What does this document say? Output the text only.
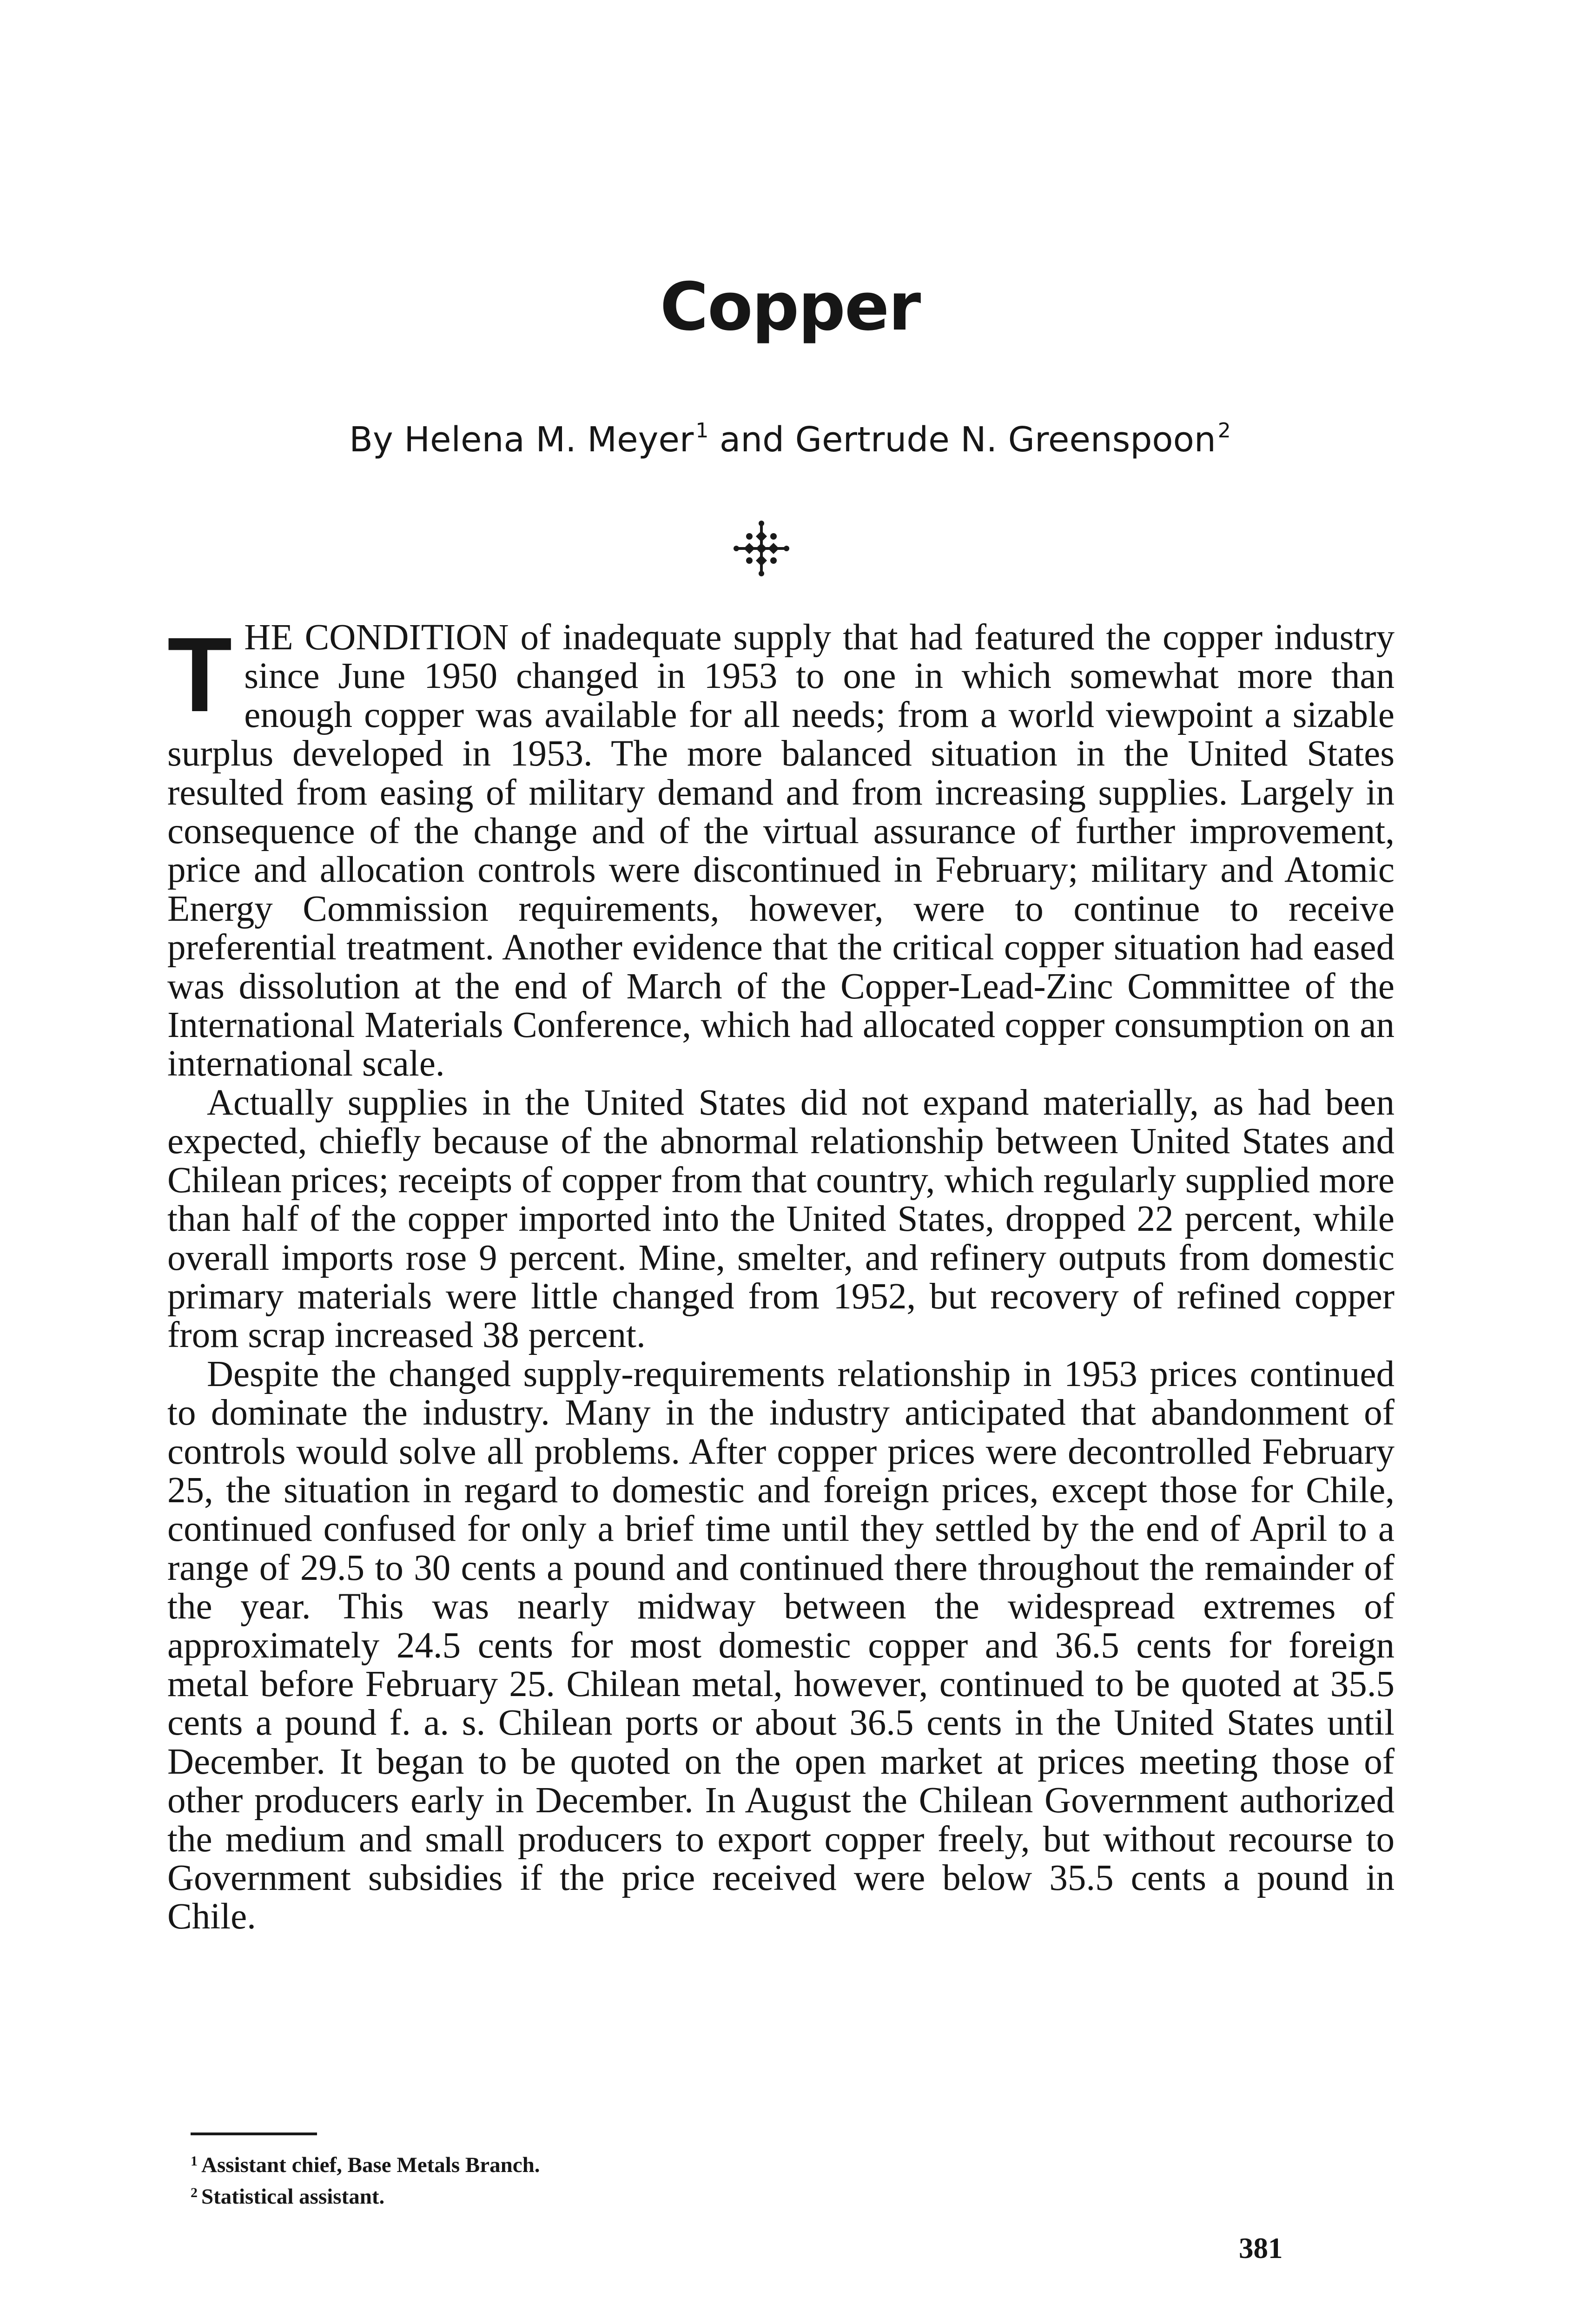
Copper
By Helena M. Meyer$^1$ and Gertrude N. Greenspoon$^2$

THE CONDITION of inadequate supply that had featured the copper industry since June 1950 changed in 1953 to one in which somewhat more than enough copper was available for all needs; from a world viewpoint a sizable surplus developed in 1953. The more balanced situation in the United States resulted from easing of military demand and from increasing supplies. Largely in consequence of the change and of the virtual assurance of further improvement, price and allocation controls were discontinued in February; military and Atomic Energy Commission requirements, however, were to continue to receive preferential treatment. Another evidence that the critical copper situation had eased was dissolution at the end of March of the Copper-Lead-Zinc Committee of the International Materials Conference, which had allocated copper consumption on an international scale.

Actually supplies in the United States did not expand materially, as had been expected, chiefly because of the abnormal relationship between United States and Chilean prices; receipts of copper from that country, which regularly supplied more than half of the copper imported into the United States, dropped 22 percent, while overall imports rose 9 percent. Mine, smelter, and refinery outputs from domestic primary materials were little changed from 1952, but recovery of refined copper from scrap increased 38 percent.

Despite the changed supply-requirements relationship in 1953 prices continued to dominate the industry. Many in the industry anticipated that abandonment of controls would solve all problems. After copper prices were decontrolled February 25, the situation in regard to domestic and foreign prices, except those for Chile, continued confused for only a brief time until they settled by the end of April to a range of 29.5 to 30 cents a pound and continued there throughout the remainder of the year. This was nearly midway between the widespread extremes of approximately 24.5 cents for most domestic copper and 36.5 cents for foreign metal before February 25. Chilean metal, however, continued to be quoted at 35.5 cents a pound f. a. s. Chilean ports or about 36.5 cents in the United States until December. It began to be quoted on the open market at prices meeting those of other producers early in December. In August the Chilean Government authorized the medium and small producers to export copper freely, but without recourse to Government subsidies if the price received were below 35.5 cents a pound in Chile.

$^1$ Assistant chief, Base Metals Branch.
$^2$ Statistical assistant.
381
